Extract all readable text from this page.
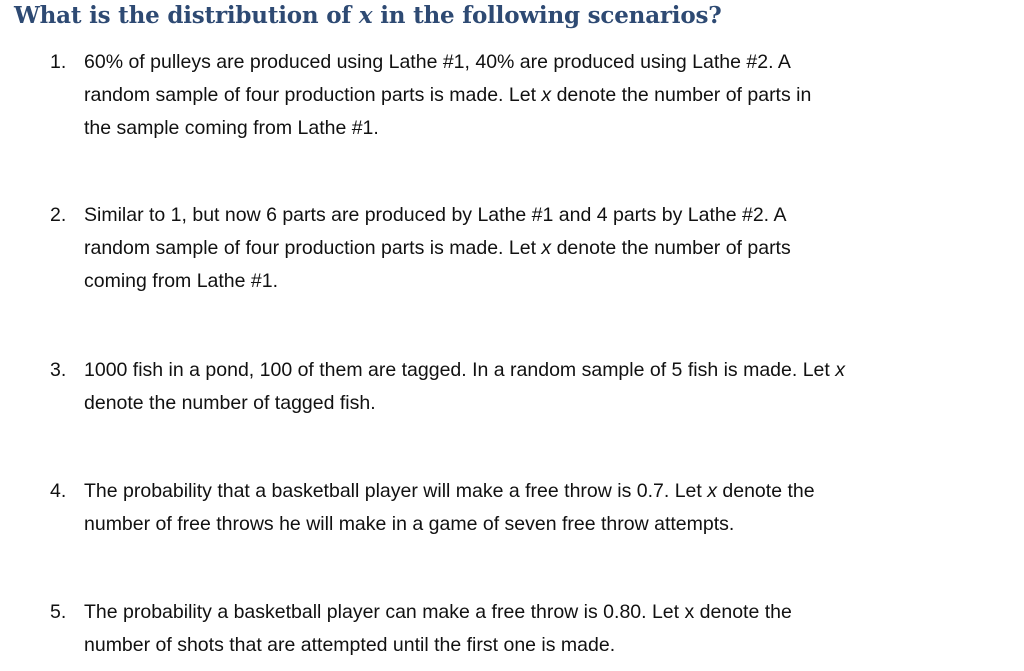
What is the distribution of x in the following scenarios?
1. 60% of pulleys are produced using Lathe #1, 40% are produced using Lathe #2. A
random sample of four production parts is made. Let x denote the number of parts in
the sample coming from Lathe #1.
2. Similar to 1, but now 6 parts are produced by Lathe #1 and 4 parts by Lathe #2. A
random sample of four production parts is made. Let x denote the number of parts
coming from Lathe #1.
3. 1000 fish in a pond, 100 of them are tagged. In a random sample of 5 fish is made. Let x
denote the number of tagged fish.
4. The probability that a basketball player will make a free throw is 0.7. Let x denote the
number of free throws he will make in a game of seven free throw attempts.
5. The probability a basketball player can make a free throw is 0.80. Let x denote the
number of shots that are attempted until the first one is made.
